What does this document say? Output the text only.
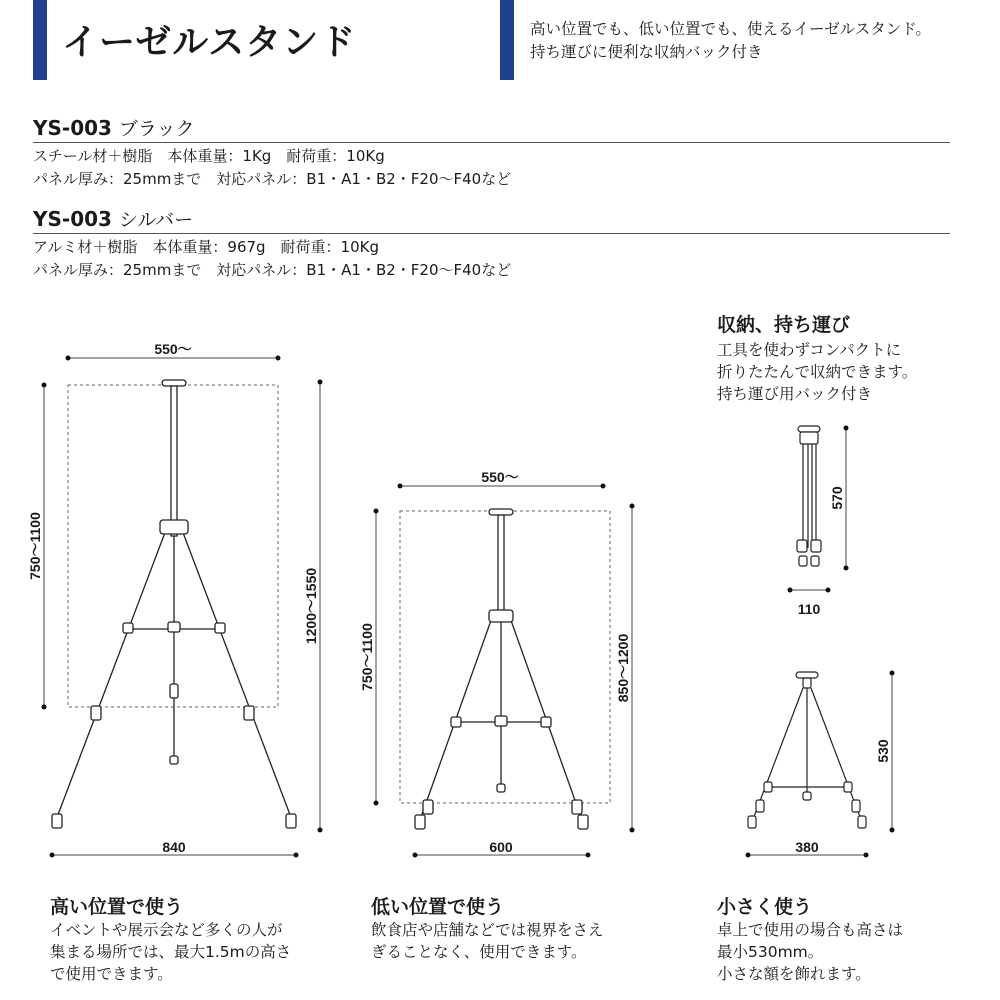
イーゼルスタンド	高い位置でも、低い位置でも、使えるイーゼルスタンド。
持ち運びに便利な収納バック付き
YS-003 ブラック
スチール材＋樹脂　本体重量：1Kg　耐荷重：10Kg
パネル厚み：25mmまで　対応パネル：B1・A1・B2・F20〜F40など
YS-003 シルバー
アルミ材＋樹脂　本体重量：967g　耐荷重：10Kg
パネル厚み：25mmまで　対応パネル：B1・A1・B2・F20〜F40など
収納、持ち運び
工具を使わずコンパクトに
折りたたんで収納できます。
持ち運び用バック付き
550〜
750〜1100
1200〜1550
840
550〜
750〜1100	850〜1200
600
570
110
530
380
高い位置で使う
イベントや展示会など多くの人が
集まる場所では、最大1.5mの高さ
で使用できます。
低い位置で使う
飲食店や店舗などでは視界をさえ
ぎることなく、使用できます。
小さく使う
卓上で使用の場合も高さは
最小530mm。
小さな額を飾れます。
